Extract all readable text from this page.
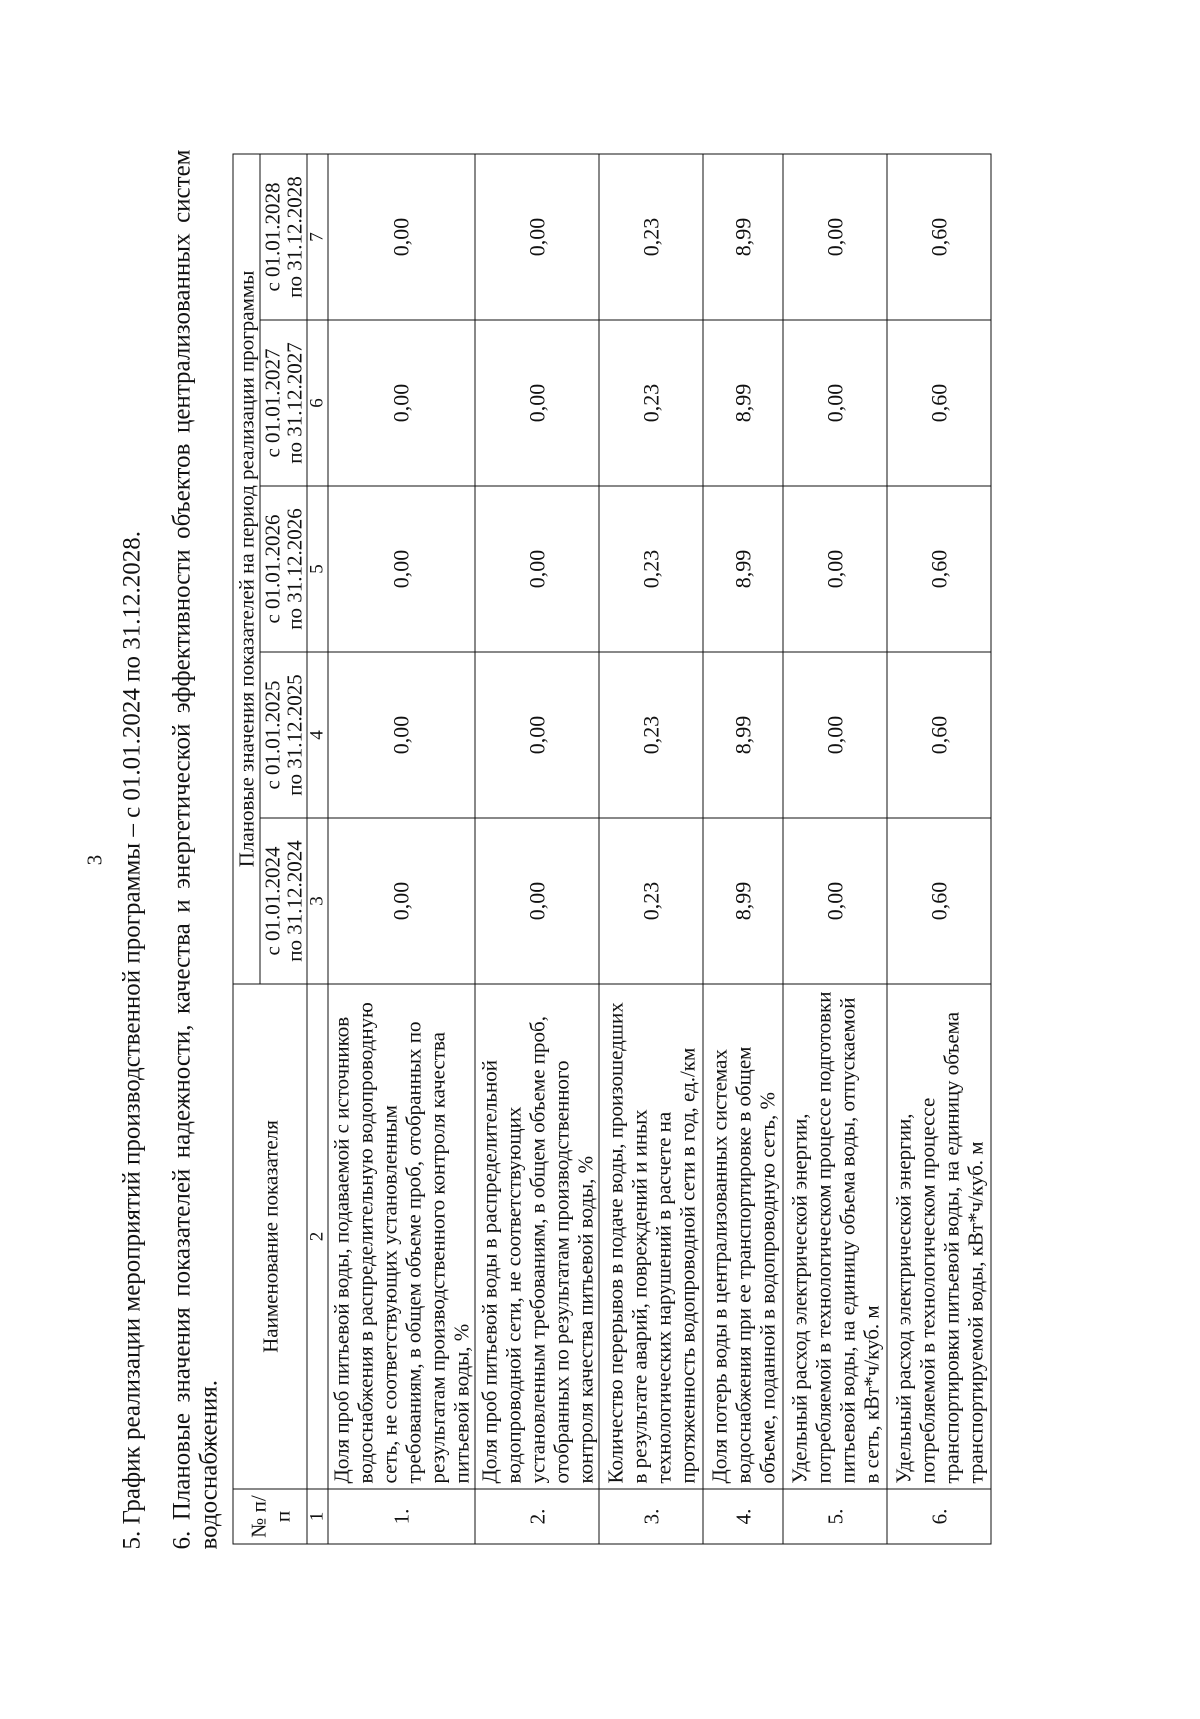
3 5. График реализации мероприятий производственной программы – с 01.01.2024 по 31.12.2028. 6. Плановые значения показателей надежности, качества и энергетической эффективности объектов централизованных систем водоснабжения. № п/п	Наименование показателя	Плановые значения показателей на период реализации программы				
		с 01.01.2024
по 31.12.2024	с 01.01.2025
по 31.12.2025	с 01.01.2026
по 31.12.2026	с 01.01.2027
по 31.12.2027	с 01.01.2028
по 31.12.2028
1	2	3	4	5	6	7
1.	Доля проб питьевой воды, подаваемой с источников водоснабжения в распределительную водопроводную сеть, не соответствующих установленным требованиям, в общем объеме проб, отобранных по результатам производственного контроля качества питьевой воды, %	0,00	0,00	0,00	0,00	0,00
2.	Доля проб питьевой воды в распределительной водопроводной сети, не соответствующих установленным требованиям, в общем объеме проб, отобранных по результатам производственного контроля качества питьевой воды, %	0,00	0,00	0,00	0,00	0,00
3.	Количество перерывов в подаче воды, произошедших в результате аварий, повреждений и иных технологических нарушений в расчете на протяженность водопроводной сети в год, ед./км	0,23	0,23	0,23	0,23	0,23
4.	Доля потерь воды в централизованных системах водоснабжения при ее транспортировке в общем объеме, поданной в водопроводную сеть, %	8,99	8,99	8,99	8,99	8,99
5.	Удельный расход электрической энергии, потребляемой в технологическом процессе подготовки питьевой воды, на единицу объема воды, отпускаемой в сеть, кВт*ч/куб. м	0,00	0,00	0,00	0,00	0,00
6.	Удельный расход электрической энергии, потребляемой в технологическом процессе транспортировки питьевой воды, на единицу объема транспортируемой воды, кВт*ч/куб. м	0,60	0,60	0,60	0,60	0,60
